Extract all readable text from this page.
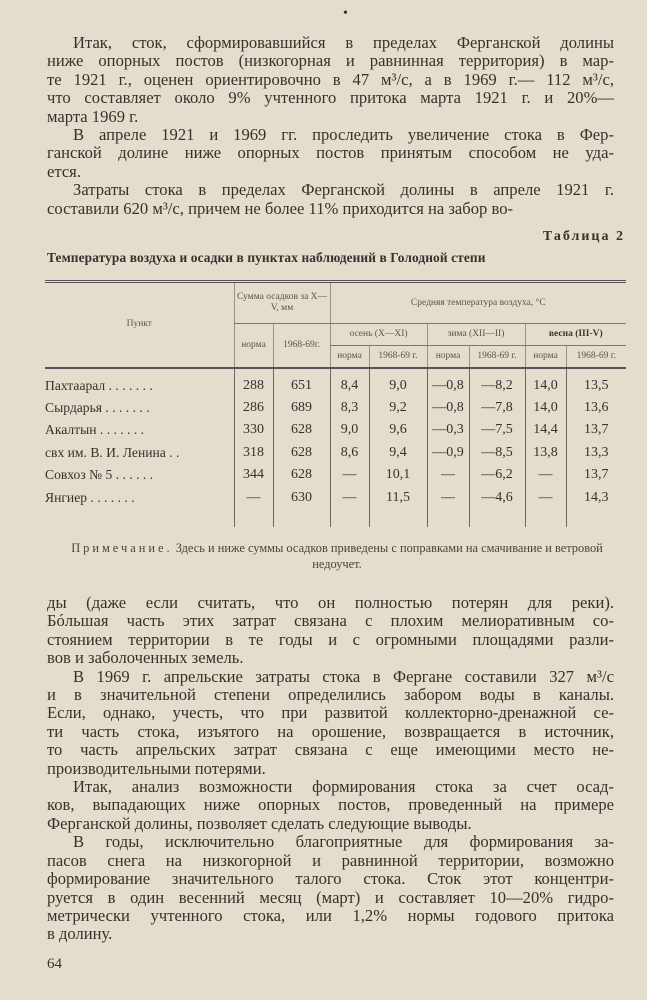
•
Итак, сток, сформировавшийся в пределах Ферганской долины
ниже опорных постов (низкогорная и равнинная территория) в мар-
те 1921 г., оценен ориентировочно в 47 м³/с, а в 1969 г.— 112 м³/с,
что составляет около 9% учтенного притока марта 1921 г. и 20%—
марта 1969 г.
В апреле 1921 и 1969 гг. проследить увеличение стока в Фер-
ганской долине ниже опорных постов принятым способом не уда-
ется.
Затраты стока в пределах Ферганской долины в апреле 1921 г.
составили 620 м³/с, причем не более 11% приходится на забор во-
Таблица 2
Температура воздуха и осадки в пунктах наблюдений в Голодной степи
Пункт	Сумма осадков за X—V, мм		Средняя температура воздуха, °С					
	норма	1968-69г.	осень (X—XI)		зима (XII—II)		весна (III-V)	
			норма	1968-69 г.	норма	1968-69 г.	норма	1968-69 г.
Пахтаарал . . . . . . .	288	651	8,4	9,0	—0,8	—8,2	14,0	13,5
Сырдарья . . . . . . .	286	689	8,3	9,2	—0,8	—7,8	14,0	13,6
Акалтын . . . . . . .	330	628	9,0	9,6	—0,3	—7,5	14,4	13,7
свх им. В. И. Ленина . .	318	628	8,6	9,4	—0,9	—8,5	13,8	13,3
Совхоз № 5 . . . . . .	344	628	—	10,1	—	—6,2	—	13,7
Янгиер . . . . . . .	—	630	—	11,5	—	—4,6	—	14,3

Примечание. Здесь и ниже суммы осадков приведены с поправками на смачивание и ветровой недоучет.
ды (даже если считать, что он полностью потерян для реки).
Бóльшая часть этих затрат связана с плохим мелиоративным со-
стоянием территории в те годы и с огромными площадями разли-
вов и заболоченных земель.
В 1969 г. апрельские затраты стока в Фергане составили 327 м³/с
и в значительной степени определились забором воды в каналы.
Если, однако, учесть, что при развитой коллекторно-дренажной се-
ти часть стока, изъятого на орошение, возвращается в источник,
то часть апрельских затрат связана с еще имеющими место не-
производительными потерями.
Итак, анализ возможности формирования стока за счет осад-
ков, выпадающих ниже опорных постов, проведенный на примере
Ферганской долины, позволяет сделать следующие выводы.
В годы, исключительно благоприятные для формирования за-
пасов снега на низкогорной и равнинной территории, возможно
формирование значительного талого стока. Сток этот концентри-
руется в один весенний месяц (март) и составляет 10—20% гидро-
метрически учтенного стока, или 1,2% нормы годового притока
в долину.
64
